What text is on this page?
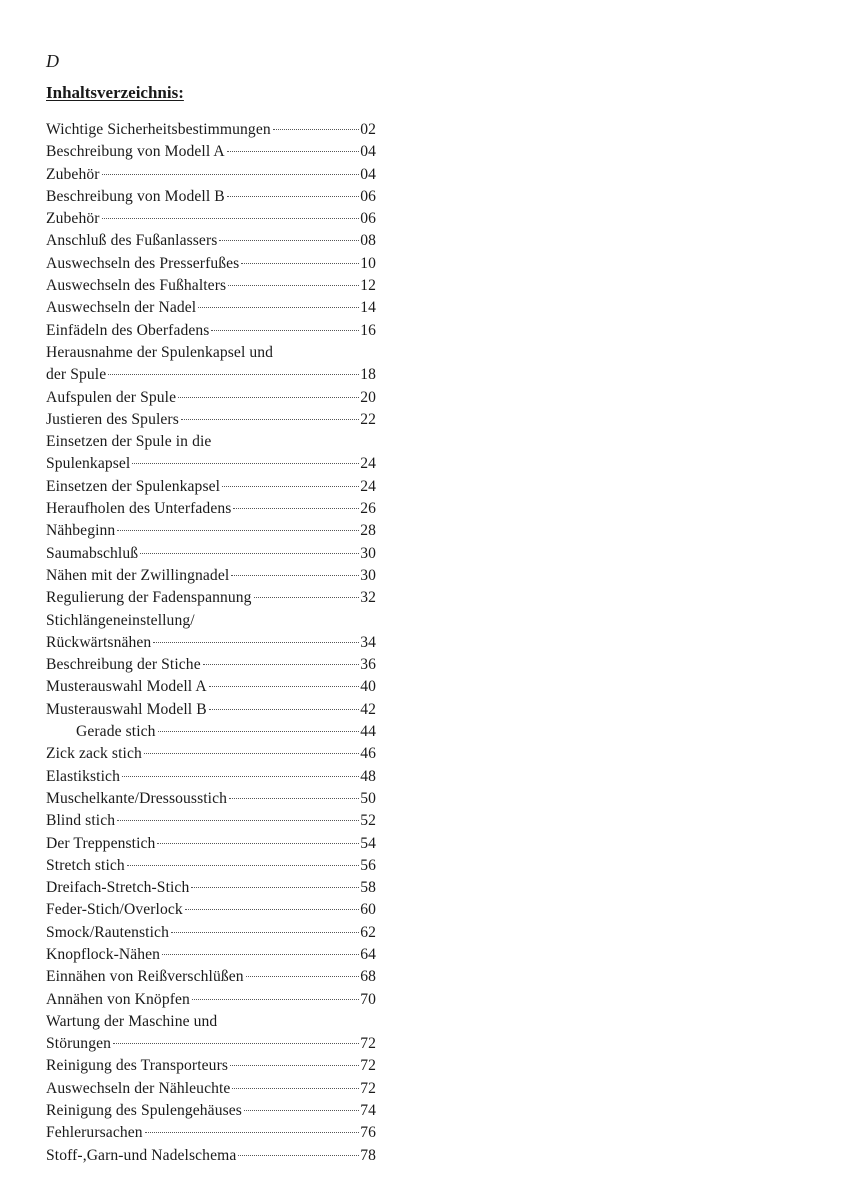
D
Inhaltsverzeichnis:
Wichtige Sicherheitsbestimmungen	02
Beschreibung von Modell A	04
Zubehör	04
Beschreibung von Modell B	06
Zubehör	06
Anschluß des Fußanlassers	08
Auswechseln des Presserfußes	10
Auswechseln des Fußhalters	12
Auswechseln der Nadel	14
Einfädeln des Oberfadens	16
Herausnahme der Spulenkapsel und
der Spule	18
Aufspulen der Spule	20
Justieren des Spulers	22
Einsetzen der Spule in die
Spulenkapsel	24
Einsetzen der Spulenkapsel	24
Heraufholen des Unterfadens	26
Nähbeginn	28
Saumabschluß	30
Nähen mit der Zwillingnadel	30
Regulierung der Fadenspannung	32
Stichlängeneinstellung/
Rückwärtsnähen	34
Beschreibung der Stiche	36
Musterauswahl Modell A	40
Musterauswahl Modell B	42
Gerade stich	44
Zick zack stich	46
Elastikstich	48
Muschelkante/Dressousstich	50
Blind stich	52
Der Treppenstich	54
Stretch stich	56
Dreifach-Stretch-Stich	58
Feder-Stich/Overlock	60
Smock/Rautenstich	62
Knopflock-Nähen	64
Einnähen von Reißverschlüßen	68
Annähen von Knöpfen	70
Wartung der Maschine und
Störungen	72
Reinigung des Transporteurs	72
Auswechseln der Nähleuchte	72
Reinigung des Spulengehäuses	74
Fehlerursachen	76
Stoff-,Garn-und Nadelschema	78
